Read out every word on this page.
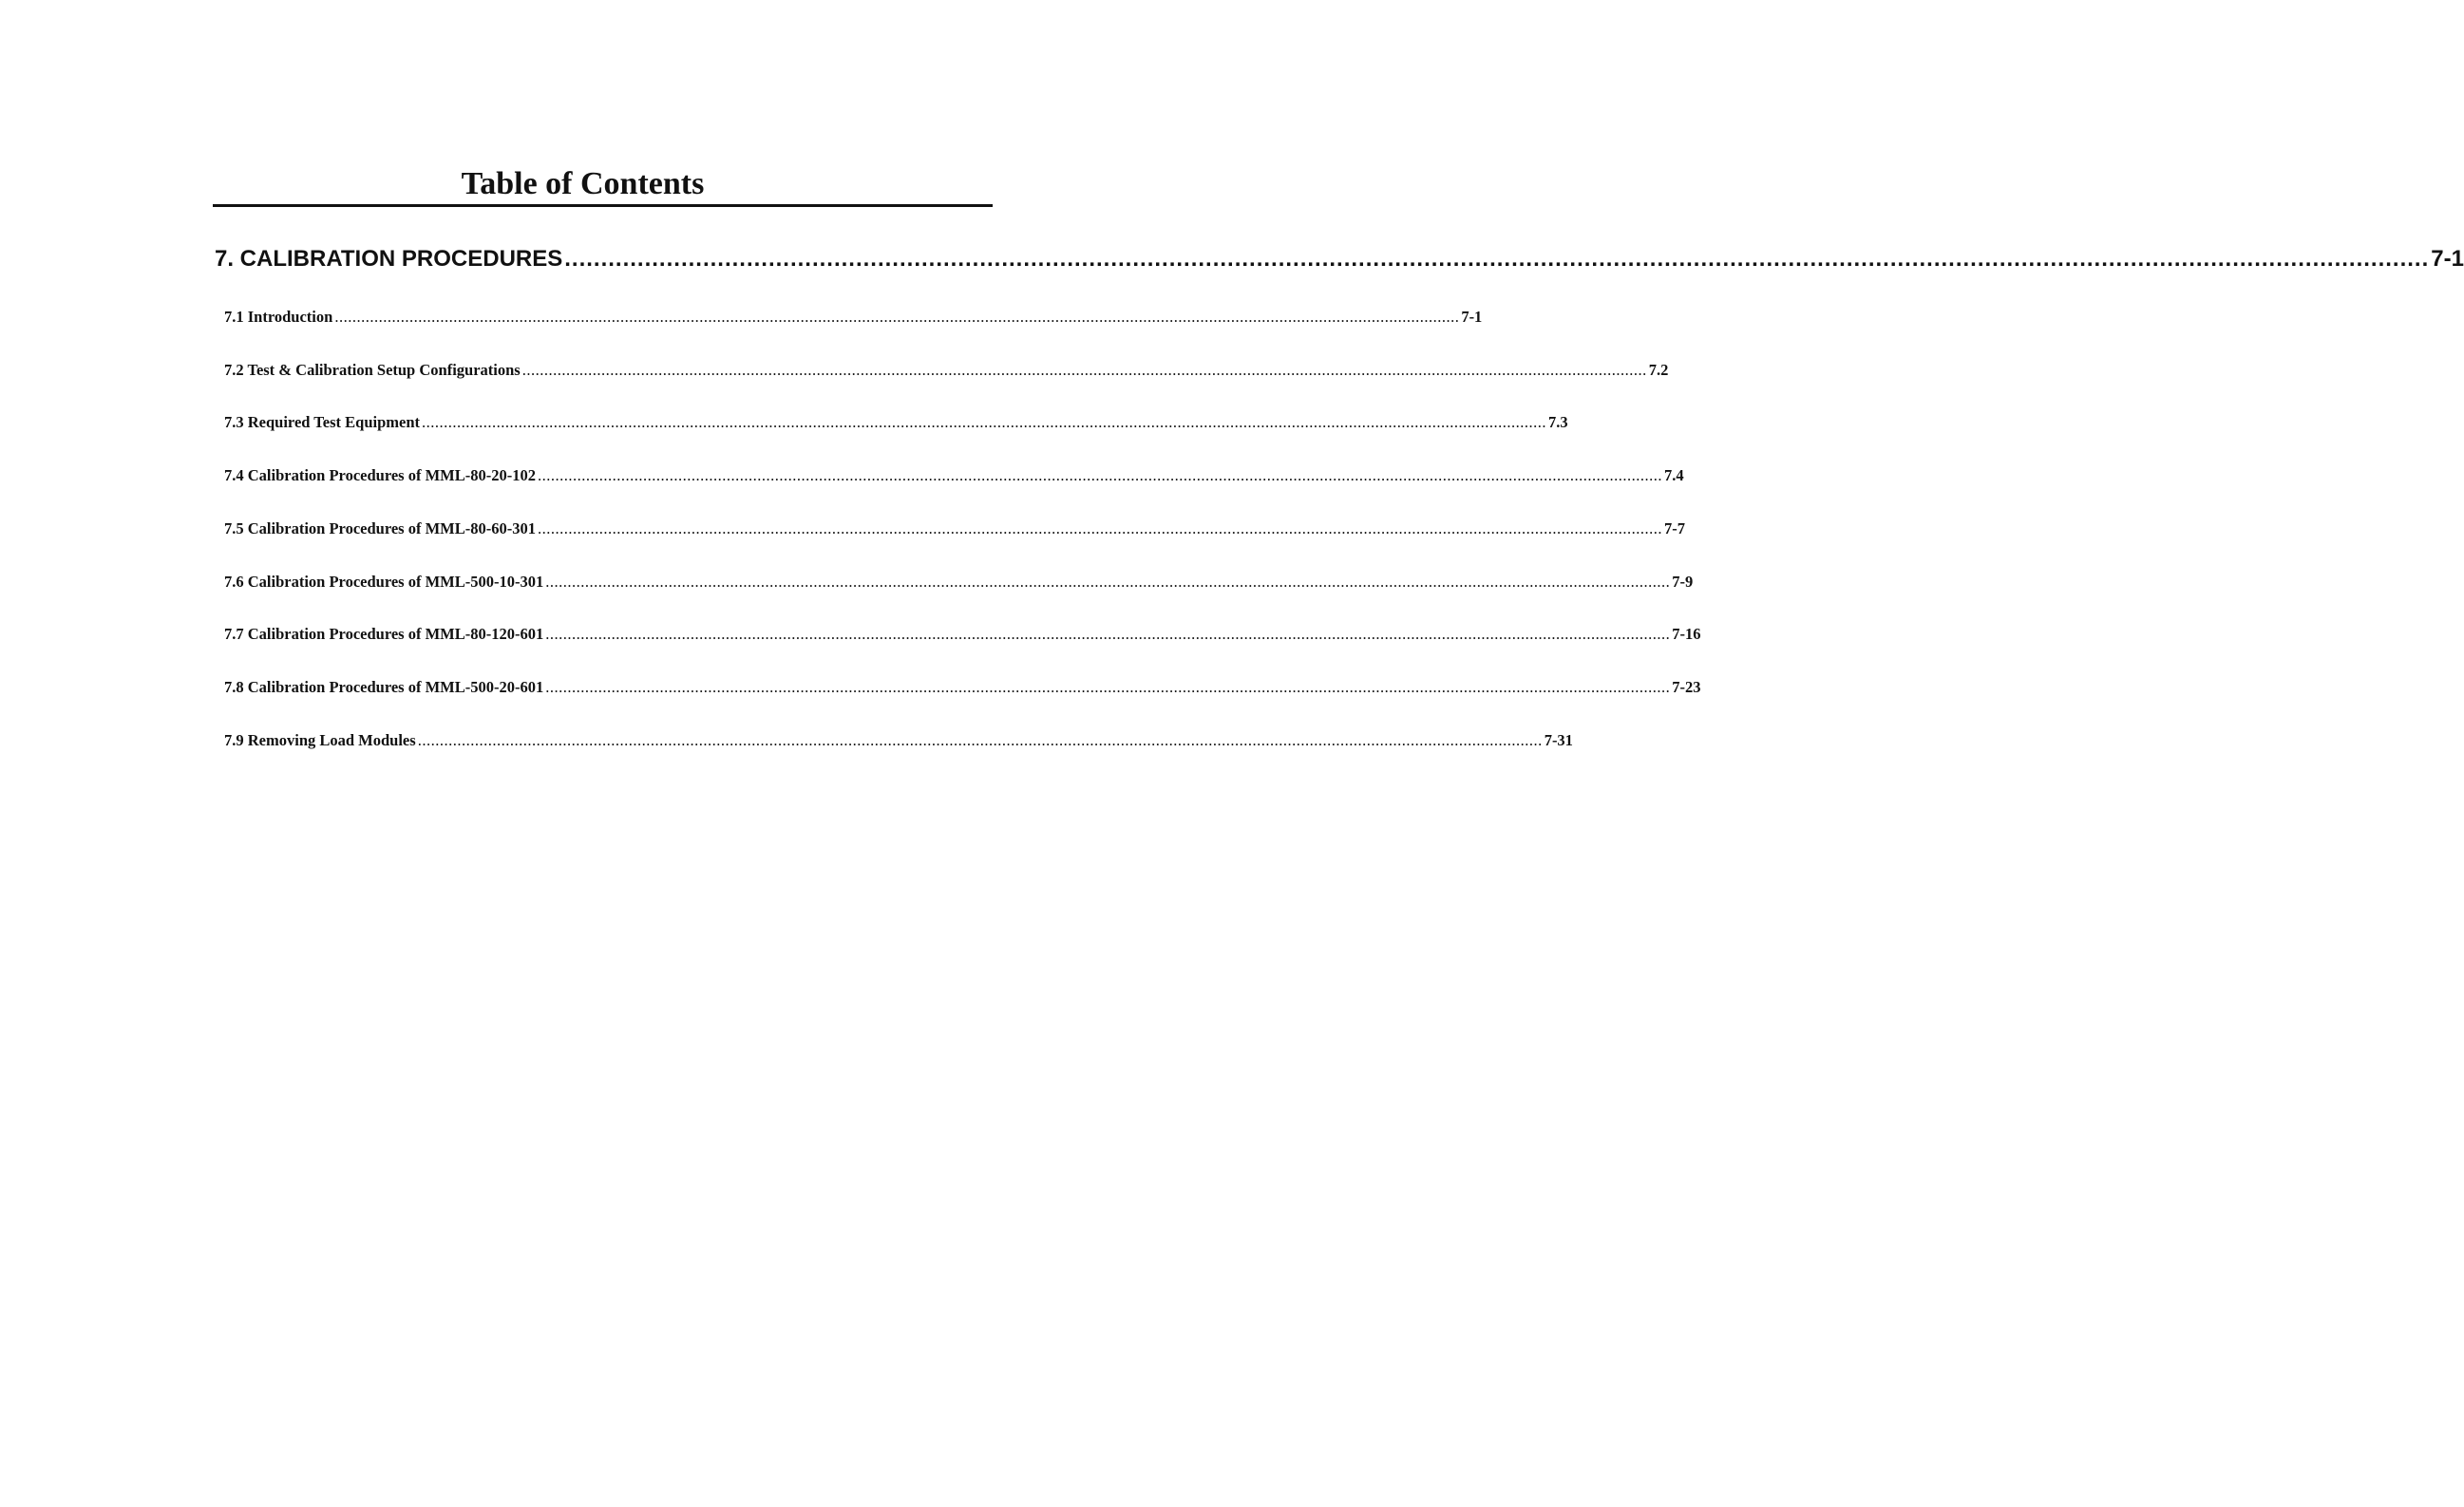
Table of Contents
7. CALIBRATION PROCEDURES ................................................................................................................................................................................................................................................................ 7-1
7.1 Introduction ................................................................................................................................................................................................................................................................ 7-1
7.2 Test & Calibration Setup Configurations ................................................................................................................................................................................................................................................................ 7.2
7.3 Required Test Equipment ................................................................................................................................................................................................................................................................ 7.3
7.4 Calibration Procedures of MML-80-20-102 ................................................................................................................................................................................................................................................................ 7.4
7.5 Calibration Procedures of MML-80-60-301 ................................................................................................................................................................................................................................................................ 7-7
7.6 Calibration Procedures of MML-500-10-301 ................................................................................................................................................................................................................................................................ 7-9
7.7 Calibration Procedures of MML-80-120-601 ................................................................................................................................................................................................................................................................ 7-16
7.8 Calibration Procedures of MML-500-20-601 ................................................................................................................................................................................................................................................................ 7-23
7.9 Removing Load Modules ................................................................................................................................................................................................................................................................ 7-31
